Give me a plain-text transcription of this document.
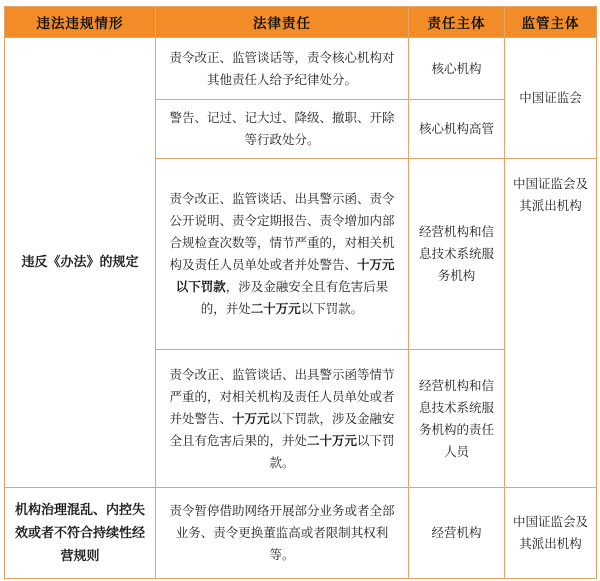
违法违规情形	法律责任	责任主体	监管主体
违反《办法》的规定	责令改正、监管谈话等，责令核心机构对其他责任人给予纪律处分。	核心机构	中国证监会
	警告、记过、记大过、降级、撤职、开除等行政处分。	核心机构高管	
	责令改正、监管谈话、出具警示函、责令公开说明、责令定期报告、责令增加内部合规检查次数等，情节严重的，对相关机构及责任人员单处或者并处警告、十万元以下罚款，涉及金融安全且有危害后果的，并处二十万元以下罚款。	经营机构和信息技术系统服务机构	中国证监会及其派出机构
	责令改正、监管谈话、出具警示函等情节严重的，对相关机构及责任人员单处或者并处警告、十万元以下罚款，涉及金融安全且有危害后果的，并处二十万元以下罚款。	经营机构和信息技术系统服务机构的责任人员	
机构治理混乱、内控失效或者不符合持续性经营规则	责令暂停借助网络开展部分业务或者全部业务、责令更换董监高或者限制其权利等。	经营机构	中国证监会及其派出机构
